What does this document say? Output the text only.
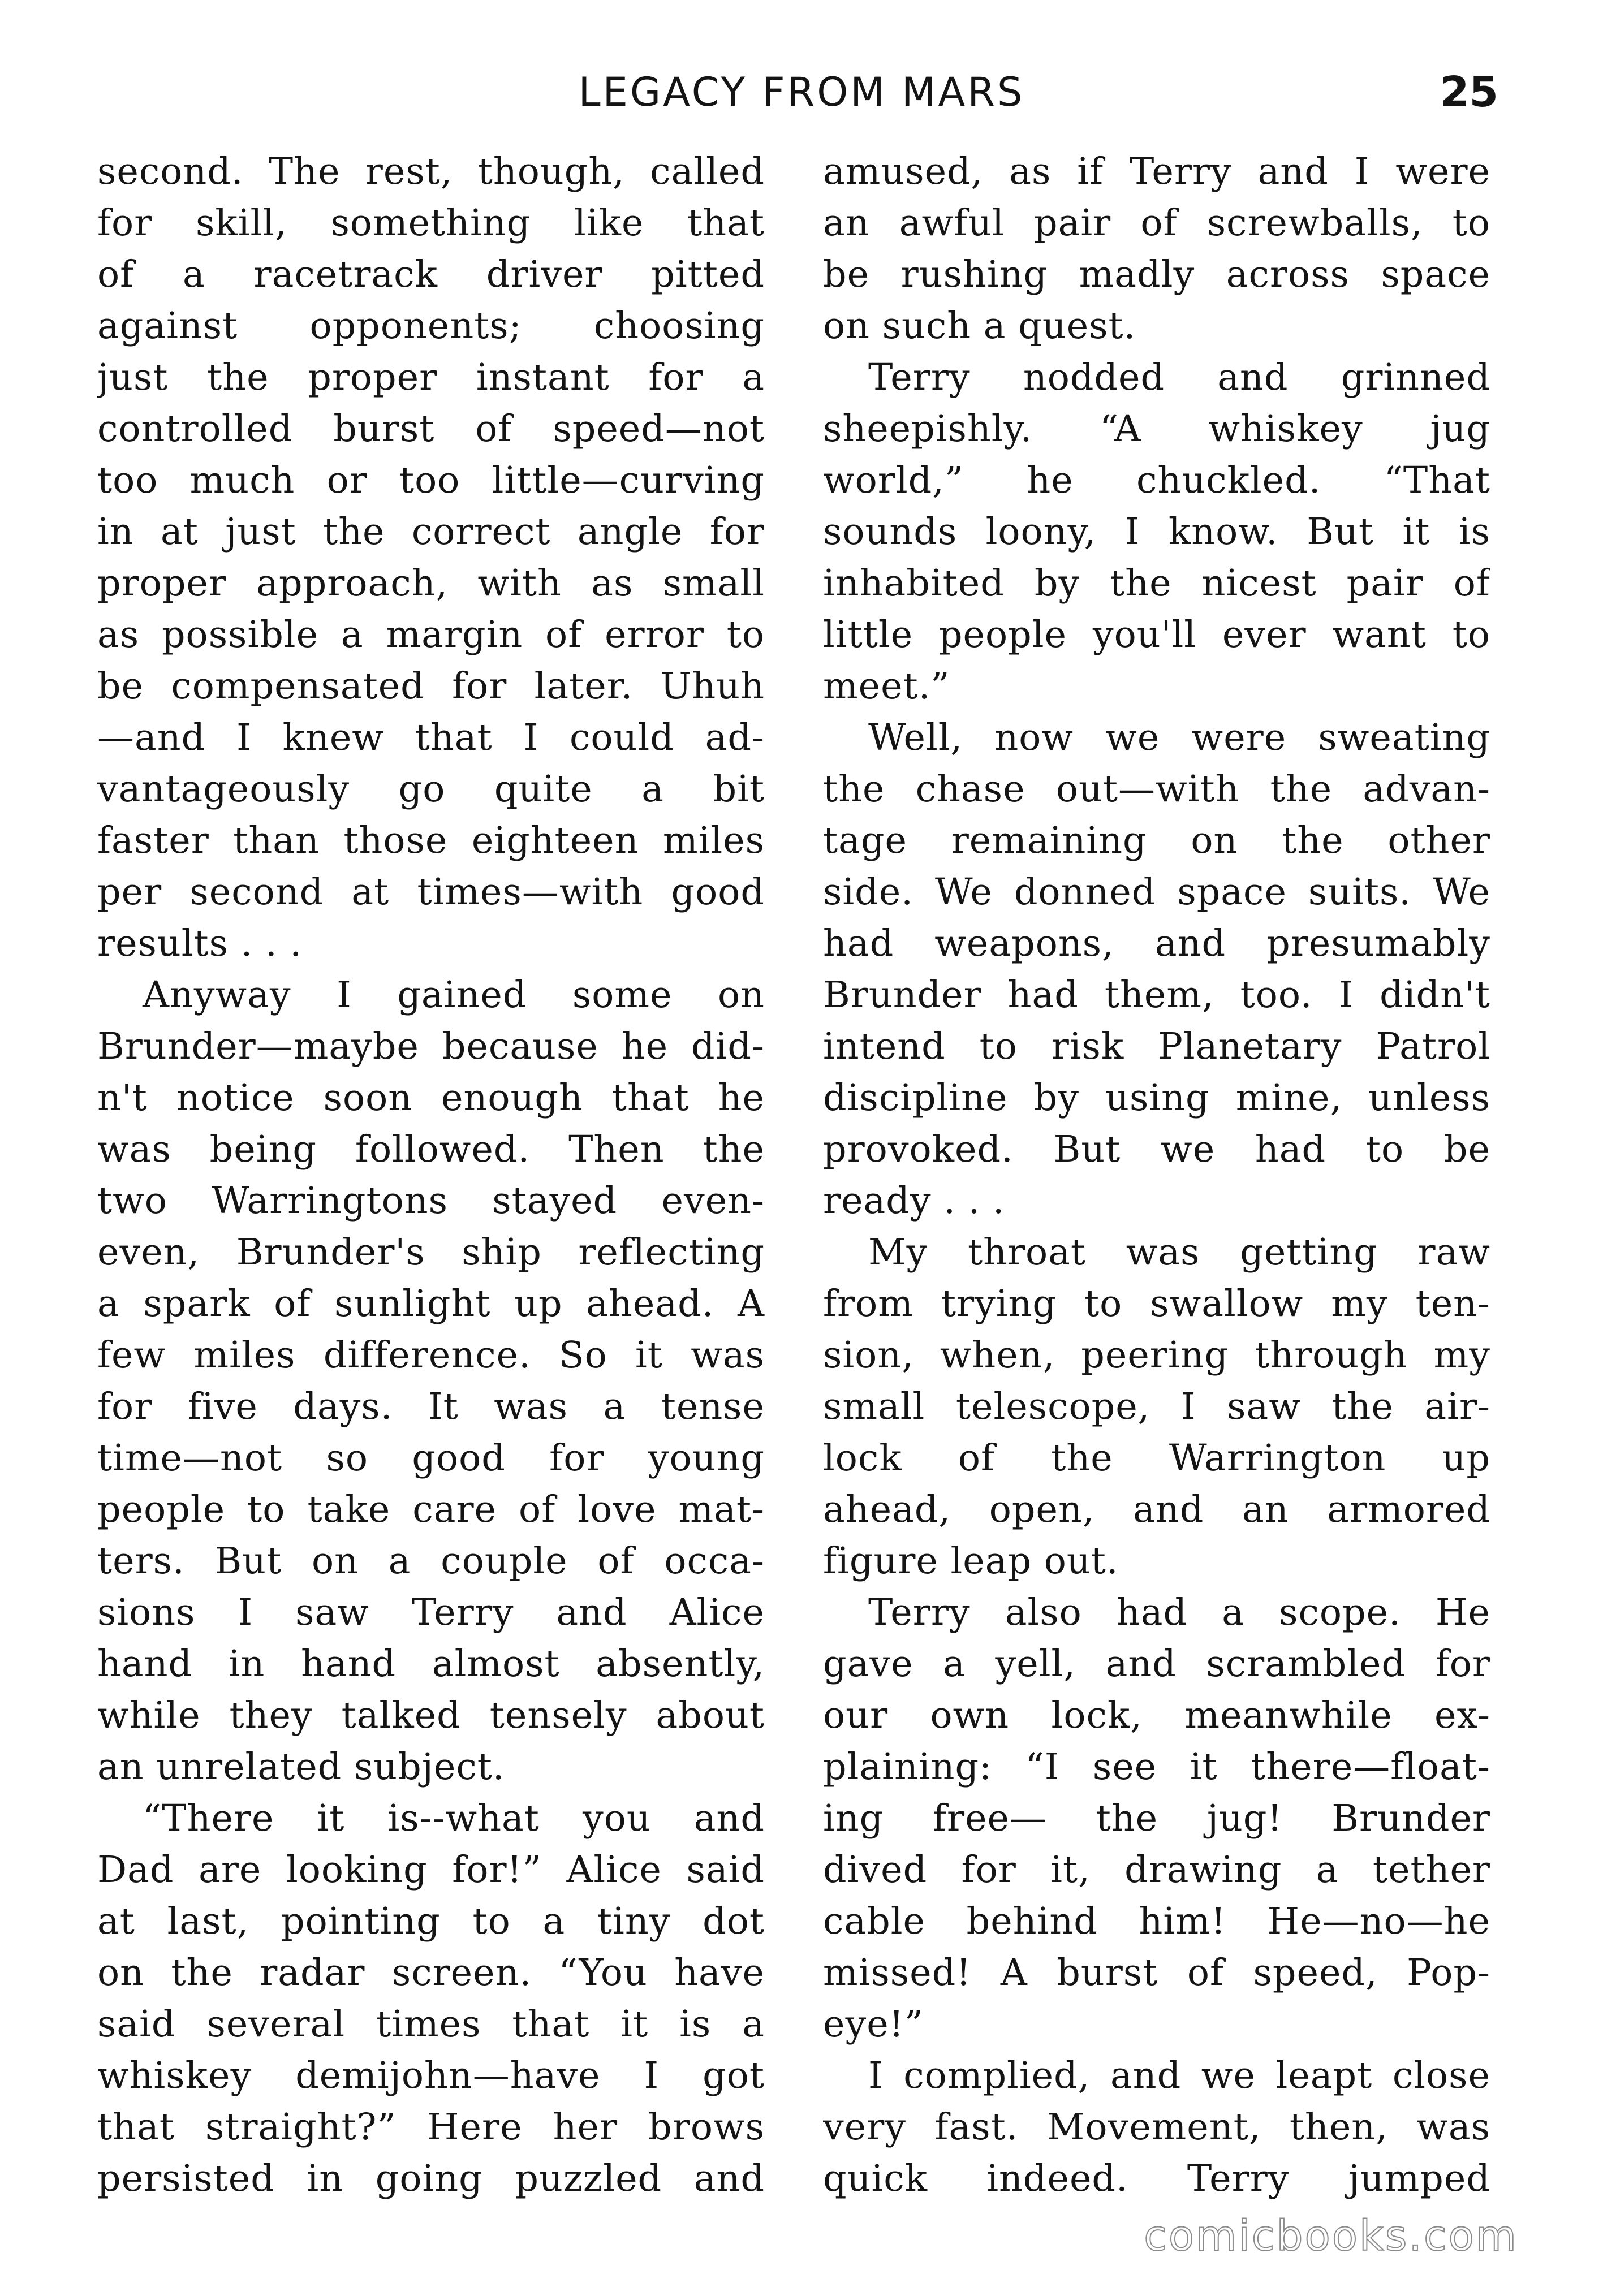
LEGACY FROM MARS	25
second. The rest, though, called
for skill, something like that
of a racetrack driver pitted
against opponents; choosing
just the proper instant for a
controlled burst of speed—not
too much or too little—curving
in at just the correct angle for
proper approach, with as small
as possible a margin of error to
be compensated for later. Uhuh
—and I knew that I could ad-
vantageously go quite a bit
faster than those eighteen miles
per second at times—with good
results . . .
Anyway I gained some on
Brunder—maybe because he did-
n't notice soon enough that he
was being followed. Then the
two Warringtons stayed even-
even, Brunder's ship reflecting
a spark of sunlight up ahead. A
few miles difference. So it was
for five days. It was a tense
time—not so good for young
people to take care of love mat-
ters. But on a couple of occa-
sions I saw Terry and Alice
hand in hand almost absently,
while they talked tensely about
an unrelated subject.
“There it is--what you and
Dad are looking for!” Alice said
at last, pointing to a tiny dot
on the radar screen. “You have
said several times that it is a
whiskey demijohn—have I got
that straight?” Here her brows
persisted in going puzzled and
amused, as if Terry and I were
an awful pair of screwballs, to
be rushing madly across space
on such a quest.
Terry nodded and grinned
sheepishly. “A whiskey jug
world,” he chuckled. “That
sounds loony, I know. But it is
inhabited by the nicest pair of
little people you'll ever want to
meet.”
Well, now we were sweating
the chase out—with the advan-
tage remaining on the other
side. We donned space suits. We
had weapons, and presumably
Brunder had them, too. I didn't
intend to risk Planetary Patrol
discipline by using mine, unless
provoked. But we had to be
ready . . .
My throat was getting raw
from trying to swallow my ten-
sion, when, peering through my
small telescope, I saw the air-
lock of the Warrington up
ahead, open, and an armored
figure leap out.
Terry also had a scope. He
gave a yell, and scrambled for
our own lock, meanwhile ex-
plaining: “I see it there—float-
ing free— the jug! Brunder
dived for it, drawing a tether
cable behind him! He—no—he
missed! A burst of speed, Pop-
eye!”
I complied, and we leapt close
very fast. Movement, then, was
quick indeed. Terry jumped
comicbooks.com
